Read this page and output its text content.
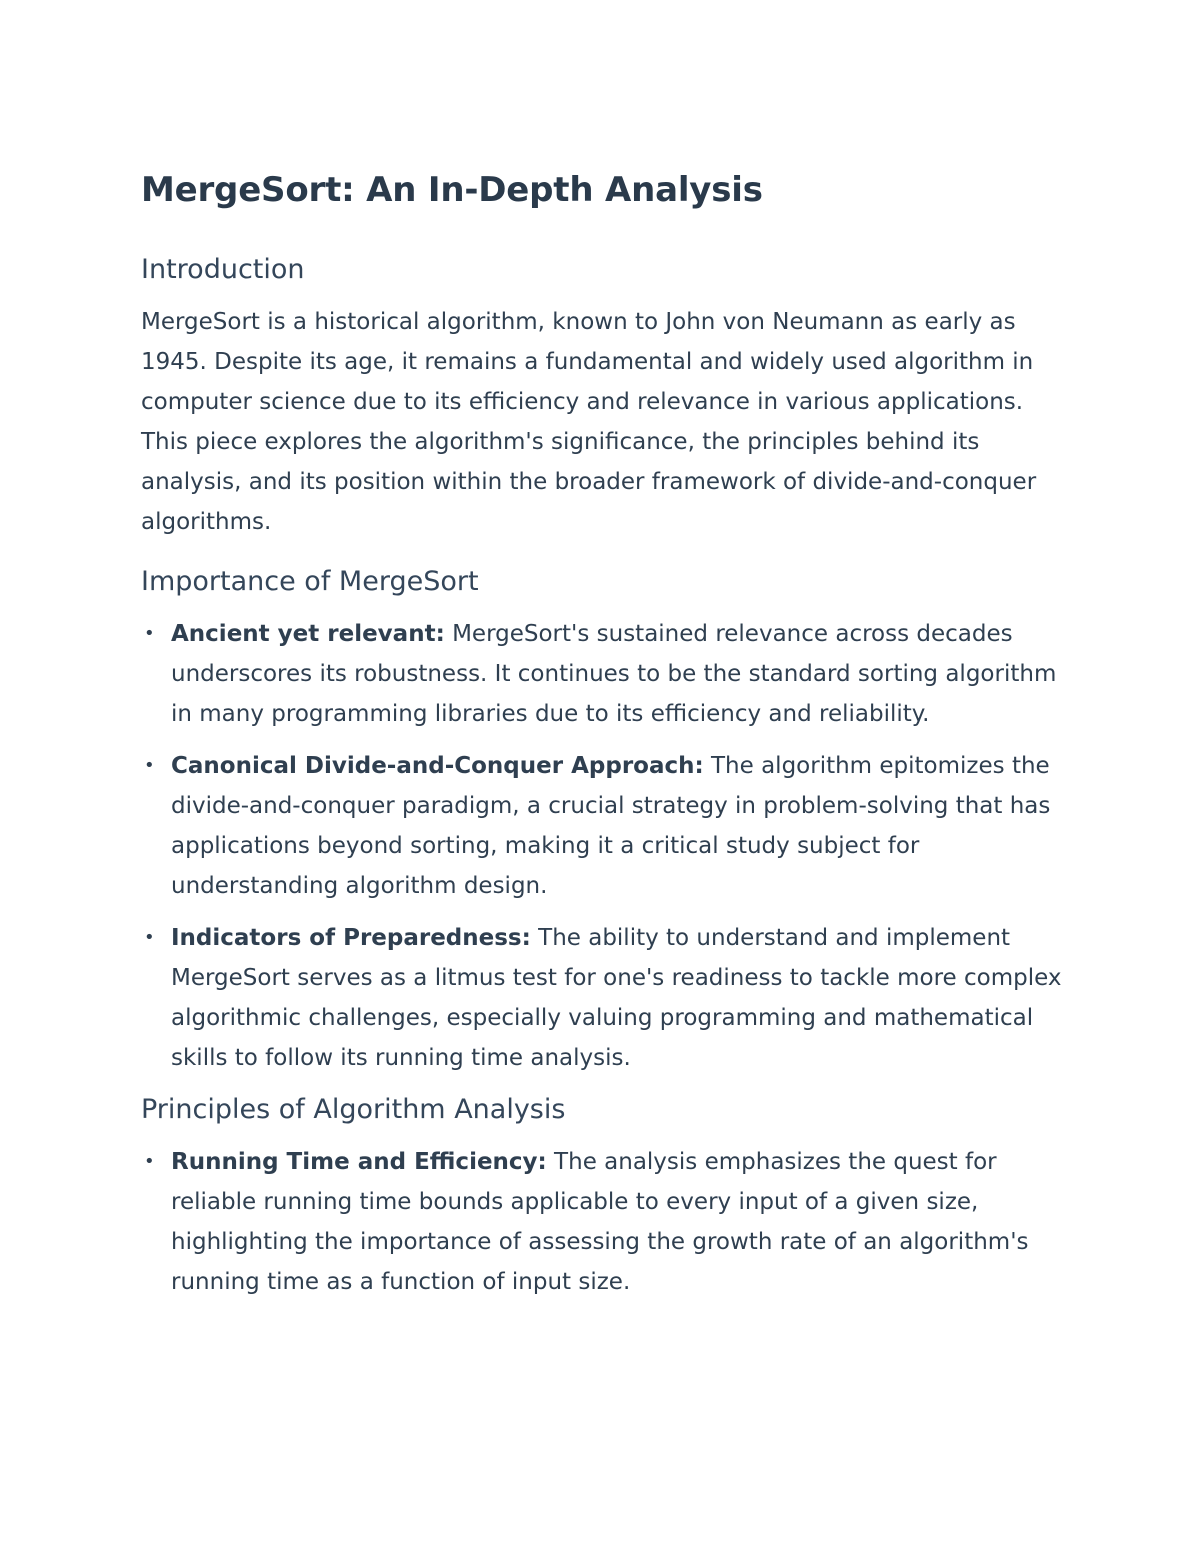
MergeSort: An In-Depth Analysis
Introduction

MergeSort is a historical algorithm, known to John von Neumann as early as 1945. Despite its age, it remains a fundamental and widely used algorithm in computer science due to its efficiency and relevance in various applications. This piece explores the algorithm's significance, the principles behind its analysis, and its position within the broader framework of divide-and-conquer algorithms.

Importance of MergeSort
• Ancient yet relevant: MergeSort's sustained relevance across decades underscores its robustness. It continues to be the standard sorting algorithm in many programming libraries due to its efficiency and reliability.
• Canonical Divide-and-Conquer Approach: The algorithm epitomizes the divide-and-conquer paradigm, a crucial strategy in problem-solving that has applications beyond sorting, making it a critical study subject for understanding algorithm design.
• Indicators of Preparedness: The ability to understand and implement MergeSort serves as a litmus test for one's readiness to tackle more complex algorithmic challenges, especially valuing programming and mathematical skills to follow its running time analysis.
Principles of Algorithm Analysis
• Running Time and Efficiency: The analysis emphasizes the quest for reliable running time bounds applicable to every input of a given size, highlighting the importance of assessing the growth rate of an algorithm's running time as a function of input size.
